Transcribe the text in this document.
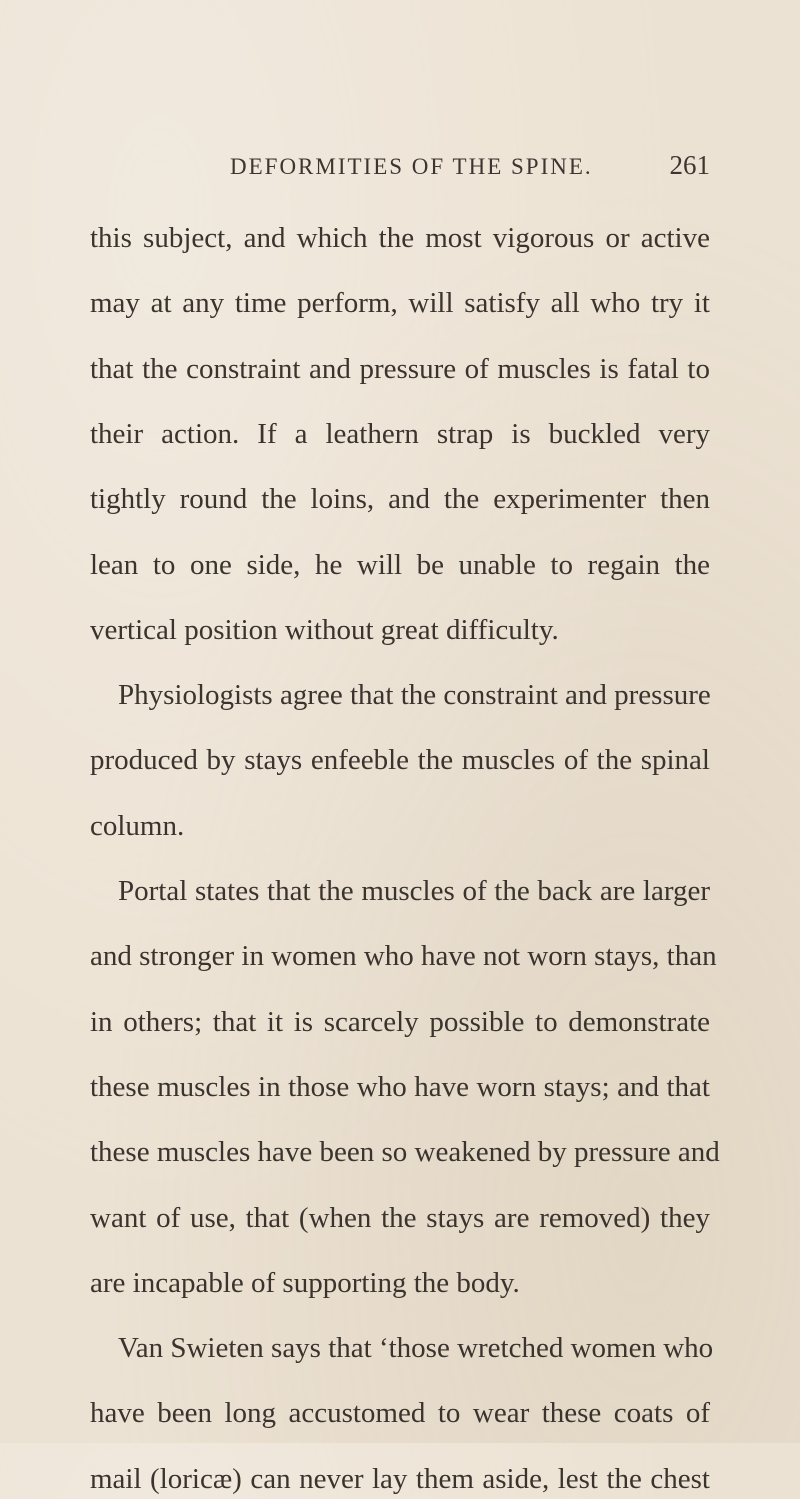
DEFORMITIES OF THE SPINE.	261
this subject, and which the most vigorous or active
may at any time perform, will satisfy all who try it
that the constraint and pressure of muscles is fatal to
their action. If a leathern strap is buckled very
tightly round the loins, and the experimenter then
lean to one side, he will be unable to regain the
vertical position without great difficulty.
Physiologists agree that the constraint and pressure
produced by stays enfeeble the muscles of the spinal
column.
Portal states that the muscles of the back are larger
and stronger in women who have not worn stays, than
in others; that it is scarcely possible to demonstrate
these muscles in those who have worn stays; and that
these muscles have been so weakened by pressure and
want of use, that (when the stays are removed) they
are incapable of supporting the body.
Van Swieten says that ‘those wretched women who
have been long accustomed to wear these coats of
mail (loricæ) can never lay them aside, lest the chest
